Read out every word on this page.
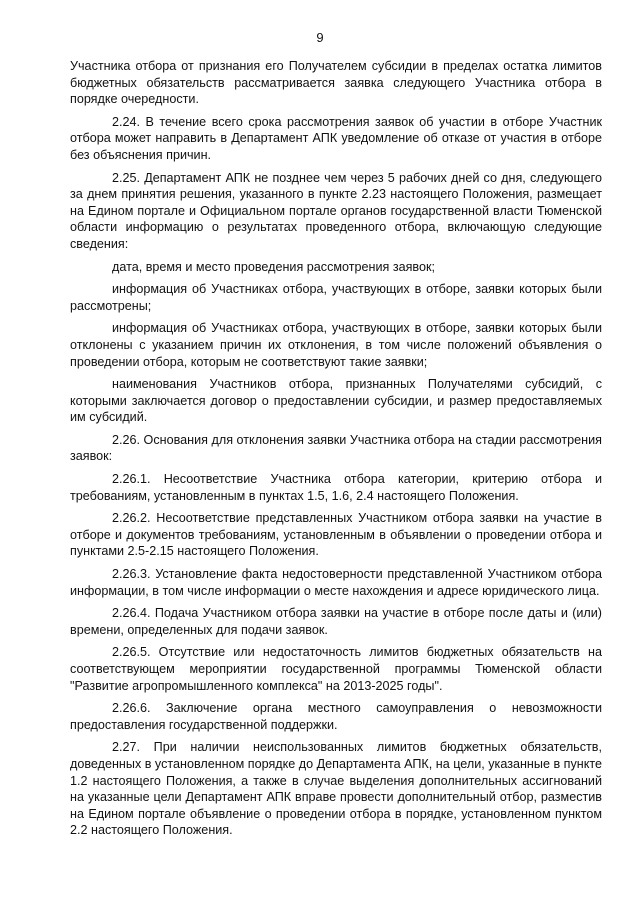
9

Участника отбора от признания его Получателем субсидии в пределах остатка лимитов бюджетных обязательств рассматривается заявка следующего Участника отбора в порядке очередности.

2.24. В течение всего срока рассмотрения заявок об участии в отборе Участник отбора может направить в Департамент АПК уведомление об отказе от участия в отборе без объяснения причин.

2.25. Департамент АПК не позднее чем через 5 рабочих дней со дня, следующего за днем принятия решения, указанного в пункте 2.23 настоящего Положения, размещает на Едином портале и Официальном портале органов государственной власти Тюменской области информацию о результатах проведенного отбора, включающую следующие сведения:

дата, время и место проведения рассмотрения заявок;

информация об Участниках отбора, участвующих в отборе, заявки которых были рассмотрены;

информация об Участниках отбора, участвующих в отборе, заявки которых были отклонены с указанием причин их отклонения, в том числе положений объявления о проведении отбора, которым не соответствуют такие заявки;

наименования Участников отбора, признанных Получателями субсидий, с которыми заключается договор о предоставлении субсидии, и размер предоставляемых им субсидий.

2.26. Основания для отклонения заявки Участника отбора на стадии рассмотрения заявок:

2.26.1. Несоответствие Участника отбора категории, критерию отбора и требованиям, установленным в пунктах 1.5, 1.6, 2.4 настоящего Положения.

2.26.2. Несоответствие представленных Участником отбора заявки на участие в отборе и документов требованиям, установленным в объявлении о проведении отбора и пунктами 2.5-2.15 настоящего Положения.

2.26.3. Установление факта недостоверности представленной Участником отбора информации, в том числе информации о месте нахождения и адресе юридического лица.

2.26.4. Подача Участником отбора заявки на участие в отборе после даты и (или) времени, определенных для подачи заявок.

2.26.5. Отсутствие или недостаточность лимитов бюджетных обязательств на соответствующем мероприятии государственной программы Тюменской области "Развитие агропромышленного комплекса" на 2013-2025 годы".

2.26.6. Заключение органа местного самоуправления о невозможности предоставления государственной поддержки.

2.27. При наличии неиспользованных лимитов бюджетных обязательств, доведенных в установленном порядке до Департамента АПК, на цели, указанные в пункте 1.2 настоящего Положения, а также в случае выделения дополнительных ассигнований на указанные цели Департамент АПК вправе провести дополнительный отбор, разместив на Едином портале объявление о проведении отбора в порядке, установленном пунктом 2.2 настоящего Положения.
